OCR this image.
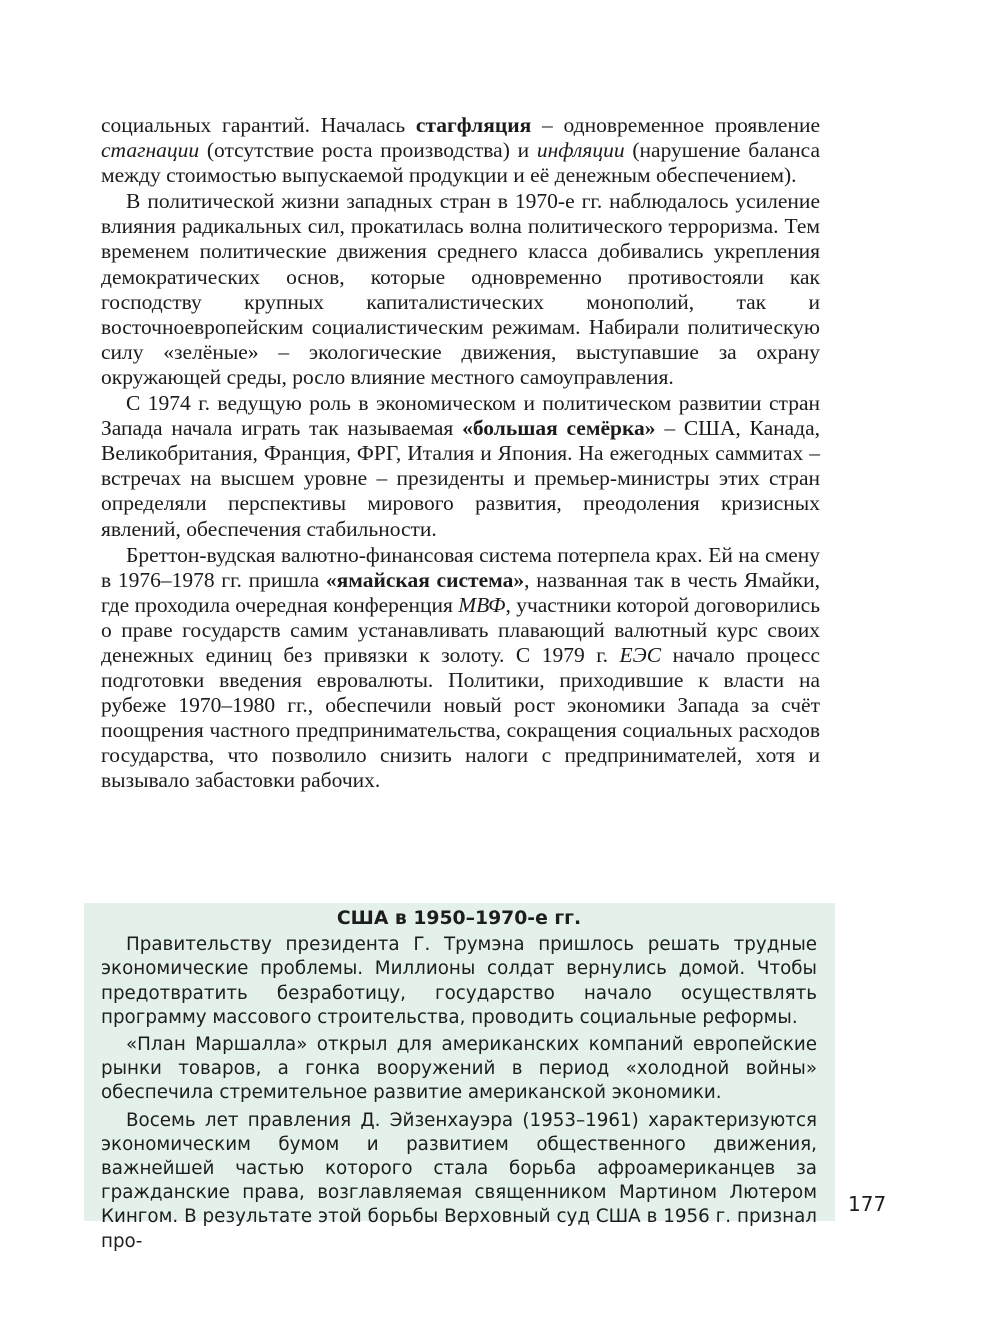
социальных гарантий. Началась стагфляция – одновременное проявление стагнации (отсутствие роста производства) и инфляции (нарушение баланса между стоимостью выпускаемой продукции и её денежным обеспечением).

В политической жизни западных стран в 1970-е гг. наблюдалось усиление влияния радикальных сил, прокатилась волна политического терроризма. Тем временем политические движения среднего класса добивались укрепления демократических основ, которые одновременно противостояли как господству крупных капиталистических монополий, так и восточноевропейским социалистическим режимам. Набирали политическую силу «зелёные» – экологические движения, выступавшие за охрану окружающей среды, росло влияние местного самоуправления.

С 1974 г. ведущую роль в экономическом и политическом развитии стран Запада начала играть так называемая «большая семёрка» – США, Канада, Великобритания, Франция, ФРГ, Италия и Япония. На ежегодных саммитах – встречах на высшем уровне – президенты и премьер-министры этих стран определяли перспективы мирового развития, преодоления кризисных явлений, обеспечения стабильности.

Бреттон-вудская валютно-финансовая система потерпела крах. Ей на смену в 1976–1978 гг. пришла «ямайская система», названная так в честь Ямайки, где проходила очередная конференция МВФ, участники которой договорились о праве государств самим устанавливать плавающий валютный курс своих денежных единиц без привязки к золоту. С 1979 г. ЕЭС начало процесс подготовки введения евровалюты. Политики, приходившие к власти на рубеже 1970–1980 гг., обеспечили новый рост экономики Запада за счёт поощрения частного предпринимательства, сокращения социальных расходов государства, что позволило снизить налоги с предпринимателей, хотя и вызывало забастовки рабочих.

США в 1950–1970-е гг.

Правительству президента Г. Трумэна пришлось решать трудные экономические проблемы. Миллионы солдат вернулись домой. Чтобы предотвратить безработицу, государство начало осуществлять программу массового строительства, проводить социальные реформы.

«План Маршалла» открыл для американских компаний европейские рынки товаров, а гонка вооружений в период «холодной войны» обеспечила стремительное развитие американской экономики.

Восемь лет правления Д. Эйзенхауэра (1953–1961) характеризуются экономическим бумом и развитием общественного движения, важнейшей частью которого стала борьба афроамериканцев за гражданские права, возглавляемая священником Мартином Лютером Кингом. В результате этой борьбы Верховный суд США в 1956 г. признал про-

177
